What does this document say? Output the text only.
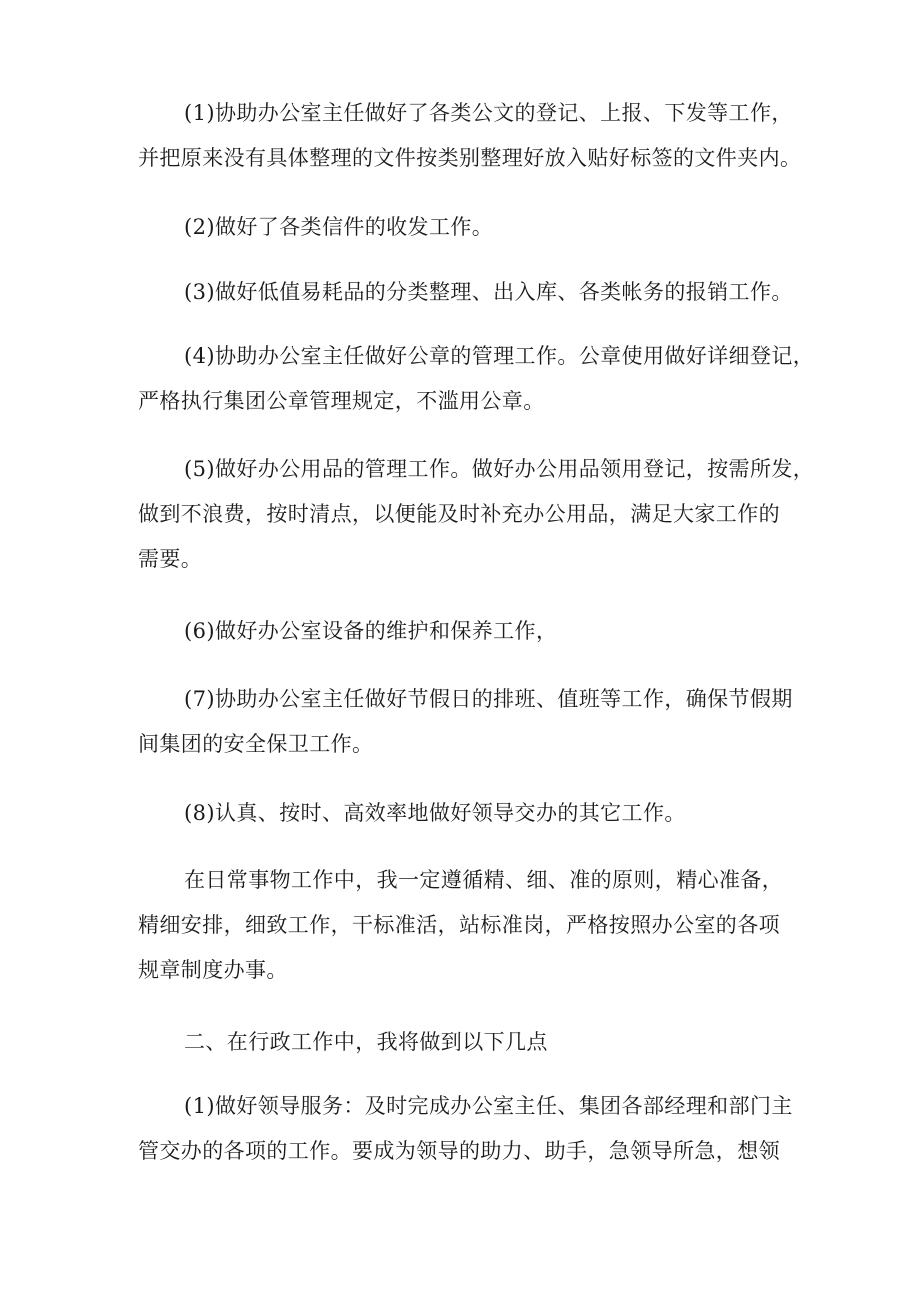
(1)协助办公室主任做好了各类公文的登记、上报、下发等工作，
并把原来没有具体整理的文件按类别整理好放入贴好标签的文件夹内。

(2)做好了各类信件的收发工作。

(3)做好低值易耗品的分类整理、出入库、各类帐务的报销工作。

(4)协助办公室主任做好公章的管理工作。公章使用做好详细登记，
严格执行集团公章管理规定，不滥用公章。

(5)做好办公用品的管理工作。做好办公用品领用登记，按需所发，
做到不浪费，按时清点，以便能及时补充办公用品，满足大家工作的
需要。

(6)做好办公室设备的维护和保养工作，

(7)协助办公室主任做好节假日的排班、值班等工作，确保节假期
间集团的安全保卫工作。

(8)认真、按时、高效率地做好领导交办的其它工作。

在日常事物工作中，我一定遵循精、细、准的原则，精心准备，
精细安排，细致工作，干标准活，站标准岗，严格按照办公室的各项
规章制度办事。

二、在行政工作中，我将做到以下几点

(1)做好领导服务：及时完成办公室主任、集团各部经理和部门主
管交办的各项的工作。要成为领导的助力、助手，急领导所急，想领
